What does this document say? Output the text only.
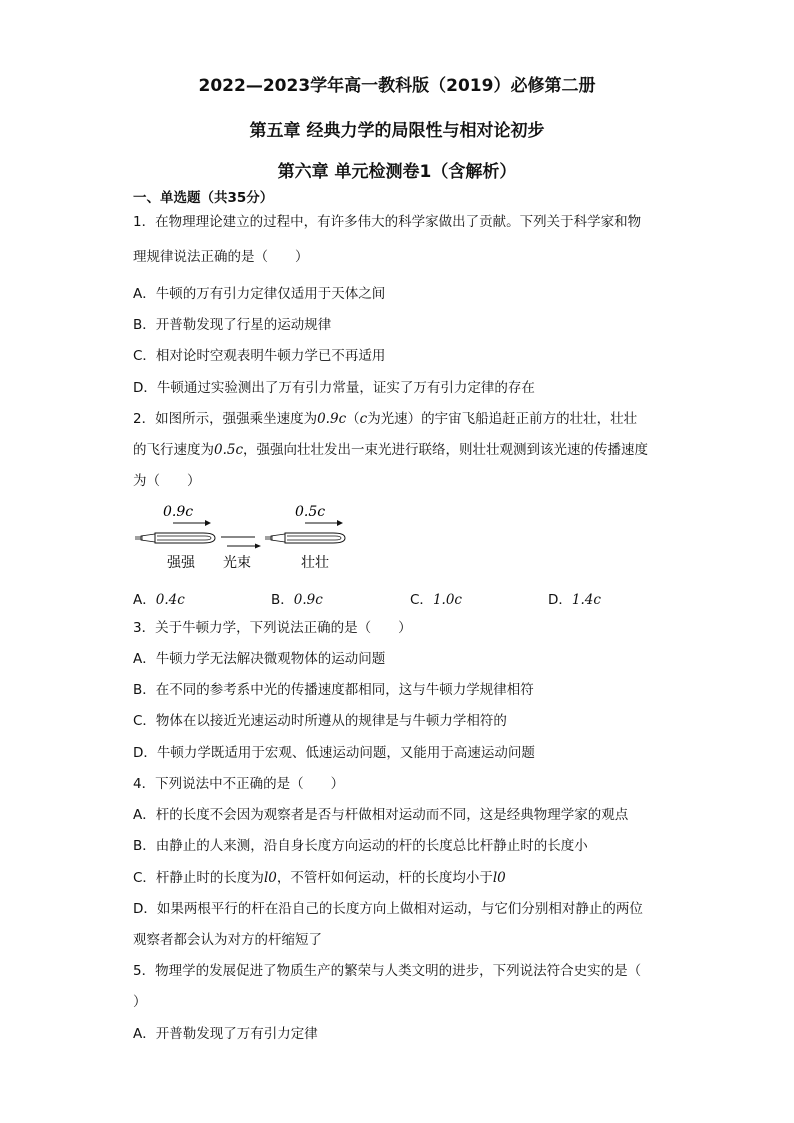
2022—2023学年高一教科版（2019）必修第二册
第五章 经典力学的局限性与相对论初步
第六章 单元检测卷1（含解析）
一、单选题（共35分）
1．在物理理论建立的过程中，有许多伟大的科学家做出了贡献。下列关于科学家和物
理规律说法正确的是（　　）
A．牛顿的万有引力定律仅适用于天体之间
B．开普勒发现了行星的运动规律
C．相对论时空观表明牛顿力学已不再适用
D．牛顿通过实验测出了万有引力常量，证实了万有引力定律的存在
2．如图所示，强强乘坐速度为0.9c（c为光速）的宇宙飞船追赶正前方的壮壮，壮壮
的飞行速度为0.5c，强强向壮壮发出一束光进行联络，则壮壮观测到该光速的传播速度
为（　　）
0.9c	0.5c
强强 光束	壮壮
A．0.4c	B．0.9c	C．1.0c	D．1.4c
3．关于牛顿力学，下列说法正确的是（　　）
A．牛顿力学无法解决微观物体的运动问题
B．在不同的参考系中光的传播速度都相同，这与牛顿力学规律相符
C．物体在以接近光速运动时所遵从的规律是与牛顿力学相符的
D．牛顿力学既适用于宏观、低速运动问题，又能用于高速运动问题
4．下列说法中不正确的是（　　）
A．杆的长度不会因为观察者是否与杆做相对运动而不同，这是经典物理学家的观点
B．由静止的人来测，沿自身长度方向运动的杆的长度总比杆静止时的长度小
C．杆静止时的长度为l0，不管杆如何运动，杆的长度均小于l0
D．如果两根平行的杆在沿自己的长度方向上做相对运动，与它们分别相对静止的两位
观察者都会认为对方的杆缩短了
5．物理学的发展促进了物质生产的繁荣与人类文明的进步，下列说法符合史实的是（
）
A．开普勒发现了万有引力定律
